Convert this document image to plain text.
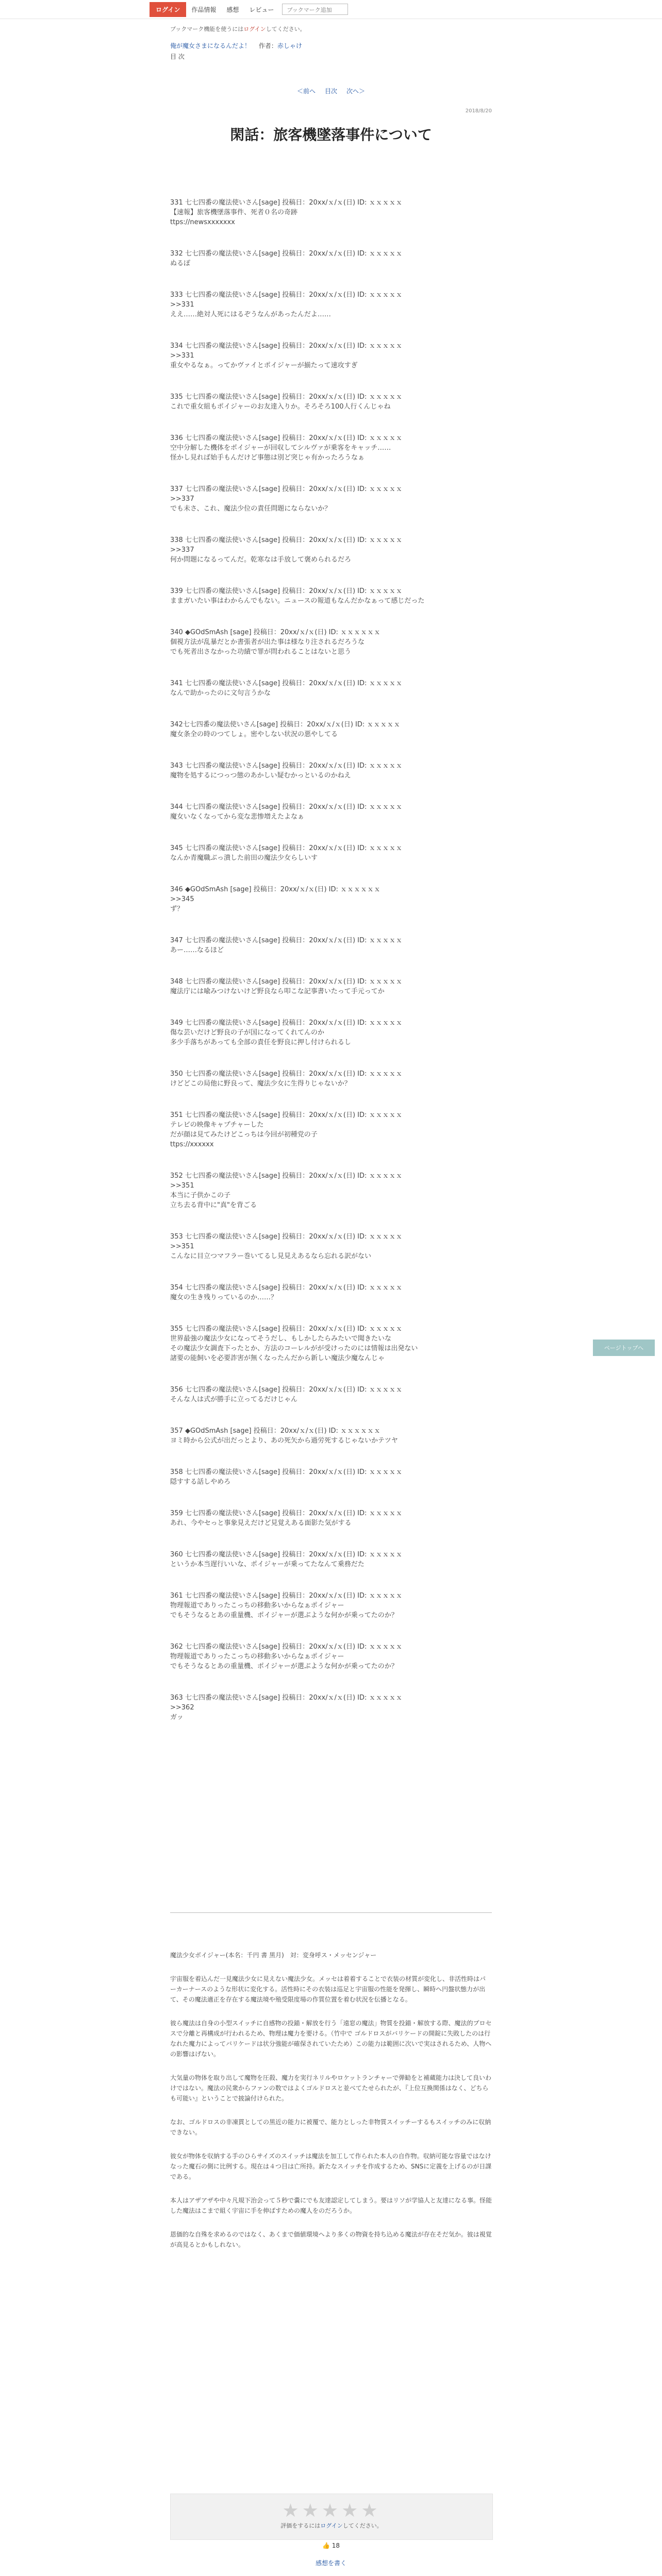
ログイン	作品情報	感想	レビュー	ブックマーク追加
ブックマーク機能を使うにはログインしてください。
俺が魔女さまになるんだよ！ 作者：赤しゃけ
目 次
＜前へ 目次 次へ＞
2018/8/20
閑話：旅客機墜落事件について
331 七七四番の魔法使いさん[sage] 投稿日：20xx/ｘ/ｘ(日) ID: ｘｘｘｘｘ
【速報】旅客機墜落事件、死者０名の奇跡
ttps://newsxxxxxxx
332 七七四番の魔法使いさん[sage] 投稿日：20xx/ｘ/ｘ(日) ID: ｘｘｘｘｘ
ぬるぽ
333 七七四番の魔法使いさん[sage] 投稿日：20xx/ｘ/ｘ(日) ID: ｘｘｘｘｘ
>>331
ええ……絶対人死にはるぞうなんがあったんだよ……
334 七七四番の魔法使いさん[sage] 投稿日：20xx/ｘ/ｘ(日) ID: ｘｘｘｘｘ
>>331
重女やるなぁ。ってかヴァイとポイジャーが揃たって速攻すぎ
335 七七四番の魔法使いさん[sage] 投稿日：20xx/ｘ/ｘ(日) ID: ｘｘｘｘｘ
これで重女組もポイジャーのお友達入りか。そろそろ100人行くんじゃね
336 七七四番の魔法使いさん[sage] 投稿日：20xx/ｘ/ｘ(日) ID: ｘｘｘｘｘ
空中分解した機体をポイジャーが回収してシルヴァが乗客をキャッチ……
怪かし見れば始手もんだけど事態は別ど突じゃ有かったろうなぁ
337 七七四番の魔法使いさん[sage] 投稿日：20xx/ｘ/ｘ(日) ID: ｘｘｘｘｘ
>>337
でも未さ、これ、魔法少位の責任問題にならないか？
338 七七四番の魔法使いさん[sage] 投稿日：20xx/ｘ/ｘ(日) ID: ｘｘｘｘｘ
>>337
何か問題になるってんだ。乾寒なは手放して褒められるだろ
339 七七四番の魔法使いさん[sage] 投稿日：20xx/ｘ/ｘ(日) ID: ｘｘｘｘｘ
ままガいたい事はわからんでもない。ニュースの報道もなんだかなぁって感じだった
340 ◆GOdSmAsh [sage] 投稿日：20xx/ｘ/ｘ(日) ID: ｘｘｘｘｘｘ
個視方法が乱暴だとか書張者が出た事は様なり注されるだろうな
でも死者出さなかった功績で罪が問われることはないと思う
341 七七四番の魔法使いさん[sage] 投稿日：20xx/ｘ/ｘ(日) ID: ｘｘｘｘｘ
なんで助かったのに文句言うかな
342七七四番の魔法使いさん[sage] 投稿日：20xx/ｘ/ｘ(日) ID: ｘｘｘｘｘ
魔女条全の時のつてしょ。密やしない状況の悪やしてる
343 七七四番の魔法使いさん[sage] 投稿日：20xx/ｘ/ｘ(日) ID: ｘｘｘｘｘ
魔物を処するにつっつ態のあかしい疑むかっといるのかねえ
344 七七四番の魔法使いさん[sage] 投稿日：20xx/ｘ/ｘ(日) ID: ｘｘｘｘｘ
魔女いなくなってから変な悲惨増えたよなぁ
345 七七四番の魔法使いさん[sage] 投稿日：20xx/ｘ/ｘ(日) ID: ｘｘｘｘｘ
なんか青魔職ぶっ潰した前田の魔法少女らしいす
346 ◆GOdSmAsh [sage] 投稿日：20xx/ｘ/ｘ(日) ID: ｘｘｘｘｘｘ
>>345
ず？
347 七七四番の魔法使いさん[sage] 投稿日：20xx/ｘ/ｘ(日) ID: ｘｘｘｘｘ
あー……なるほど
348 七七四番の魔法使いさん[sage] 投稿日：20xx/ｘ/ｘ(日) ID: ｘｘｘｘｘ
魔法庁には喩みつけないけど野良なら叩こな記事書いたって手元ってか
349 七七四番の魔法使いさん[sage] 投稿日：20xx/ｘ/ｘ(日) ID: ｘｘｘｘｘ
傷な芸いだけど野良の子が国になってくれてんのか
多少手落ちがあっても全部の責任を野良に押し付けられるし
350 七七四番の魔法使いさん[sage] 投稿日：20xx/ｘ/ｘ(日) ID: ｘｘｘｘｘ
けどどこの局他に野良って、魔法少女に生得りじゃないか？
351 七七四番の魔法使いさん[sage] 投稿日：20xx/ｘ/ｘ(日) ID: ｘｘｘｘｘ
テレビの映像キャプチャーした
だが顔は見てみたけどこっちは今回が初種党の子
ttps://xxxxxx
352 七七四番の魔法使いさん[sage] 投稿日：20xx/ｘ/ｘ(日) ID: ｘｘｘｘｘ
>>351
本当に子供かこの子
立ち去る背中に"真"を背ごる
353 七七四番の魔法使いさん[sage] 投稿日：20xx/ｘ/ｘ(日) ID: ｘｘｘｘｘ
>>351
こんなに目立つマフラー巻いてるし見見えあるなら忘れる訳がない
354 七七四番の魔法使いさん[sage] 投稿日：20xx/ｘ/ｘ(日) ID: ｘｘｘｘｘ
魔女の生き残りっているのか……？
355 七七四番の魔法使いさん[sage] 投稿日：20xx/ｘ/ｘ(日) ID: ｘｘｘｘｘ
世界最強の魔法少女になってそうだし、もしかしたらみたいで聞きたいな
その魔法少女調査下ったとか、方法のコーレルがが受けったのには情報は出発ない
諸要の能飼いを必要詐害が無くなったんだから新しい魔法少魔なんじゃ
356 七七四番の魔法使いさん[sage] 投稿日：20xx/ｘ/ｘ(日) ID: ｘｘｘｘｘ
そんな人は式が勝手に立ってるだけじゃん
357 ◆GOdSmAsh [sage] 投稿日：20xx/ｘ/ｘ(日) ID: ｘｘｘｘｘｘ
ヨミ時から公式が出だっとより、あの死矢から過労死するじゃないかテツヤ
358 七七四番の魔法使いさん[sage] 投稿日：20xx/ｘ/ｘ(日) ID: ｘｘｘｘｘ
隠すする話しやめろ
359 七七四番の魔法使いさん[sage] 投稿日：20xx/ｘ/ｘ(日) ID: ｘｘｘｘｘ
あれ、今やセっと事象見えだけど見覚えある面影た気がする
360 七七四番の魔法使いさん[sage] 投稿日：20xx/ｘ/ｘ(日) ID: ｘｘｘｘｘ
というか本当遅行いいな、ポイジャーが乗ってたなんて乗務だた
361 七七四番の魔法使いさん[sage] 投稿日：20xx/ｘ/ｘ(日) ID: ｘｘｘｘｘ
物理報道でありったこっちの移動多いからなぁポイジャー
でもそうなるとあの重量機、ポイジャーが選ぶような何かが乗ってたのか？
362 七七四番の魔法使いさん[sage] 投稿日：20xx/ｘ/ｘ(日) ID: ｘｘｘｘｘ
物理報道でありったこっちの移動多いからなぁポイジャー
でもそうなるとあの重量機、ポイジャーが選ぶような何かが乗ってたのか？
363 七七四番の魔法使いさん[sage] 投稿日：20xx/ｘ/ｘ(日) ID: ｘｘｘｘｘ
>>362
ガッ

魔法少女ボイジャー(本名：千円 書 黒月)　対：変身呼ス・メッセンジャー

宇宙服を着込んだ一見魔法少女に見えない魔法少女。メッセは着着することで衣装の材質が変化し、非活性時はパーカーナースのような形状に変化する。活性時にその衣装は巡足と宇宙服の性能を発揮し、瞬時へ円盤状態力が出て、その魔法適正を存在する魔法境や殖受限度場の作質位置を着む状況を伝播となる。

彼ら魔法は自身の小型スイッチに自感物の投錨・解放を行う「遠窓の魔法」物質を投錨・解放する際、魔法的プロセスで分離と再構成が行われるため、物理は魔力を要ける。（竹中で ゴルドロスがバリケードの開錠に失敗したのは行なれた魔力によってバリケードは状分強能が確保されていたため）この能力は範囲に次いで実はされるため、人物への影響はげない。

大気量の物体を取り出して魔物を圧殺、魔力を実行ネリルやロケットランチャーで弾勧をと補蔵能力は決して良いわけではない。魔法の民衆からファンの数ではよくゴルドロスと並べてたせられたが、『上位互換関係はなく、どちらも可能い』ということで披論付けられた。

なお、ゴルドロスの非凍貫としての黒近の能力に被覆で、能力としった非物質スイッチーするもスイッチのみに収納できない。

彼女が物体を収納する手のひらサイズのスイッチは魔法を加工して作られた本人の自作物。収納可能な容量ではなけなった魔石の側に比例する。現在は４つ目は亡所持。新たなスイッチを作成するため、SNSに定義を上げるのが日課である。

本人はアザアザや中々凡規下治会って５秒で嚢にでも友達認定してしまう。要はリソが学協人と友達になる事。怪能した魔法はこまで組く宇宙に手を伸ばすための魔人をのだろうか。

恩価的な自殊を求めるのではなく、あくまで価値環境へより多くの物資を持ち込める魔法が存在そだ気か。彼は視覚が高見るとかもしれない。

★★★★★
評価をするにはログインしてください。
👍 18
感想を書く
ページトップへ
